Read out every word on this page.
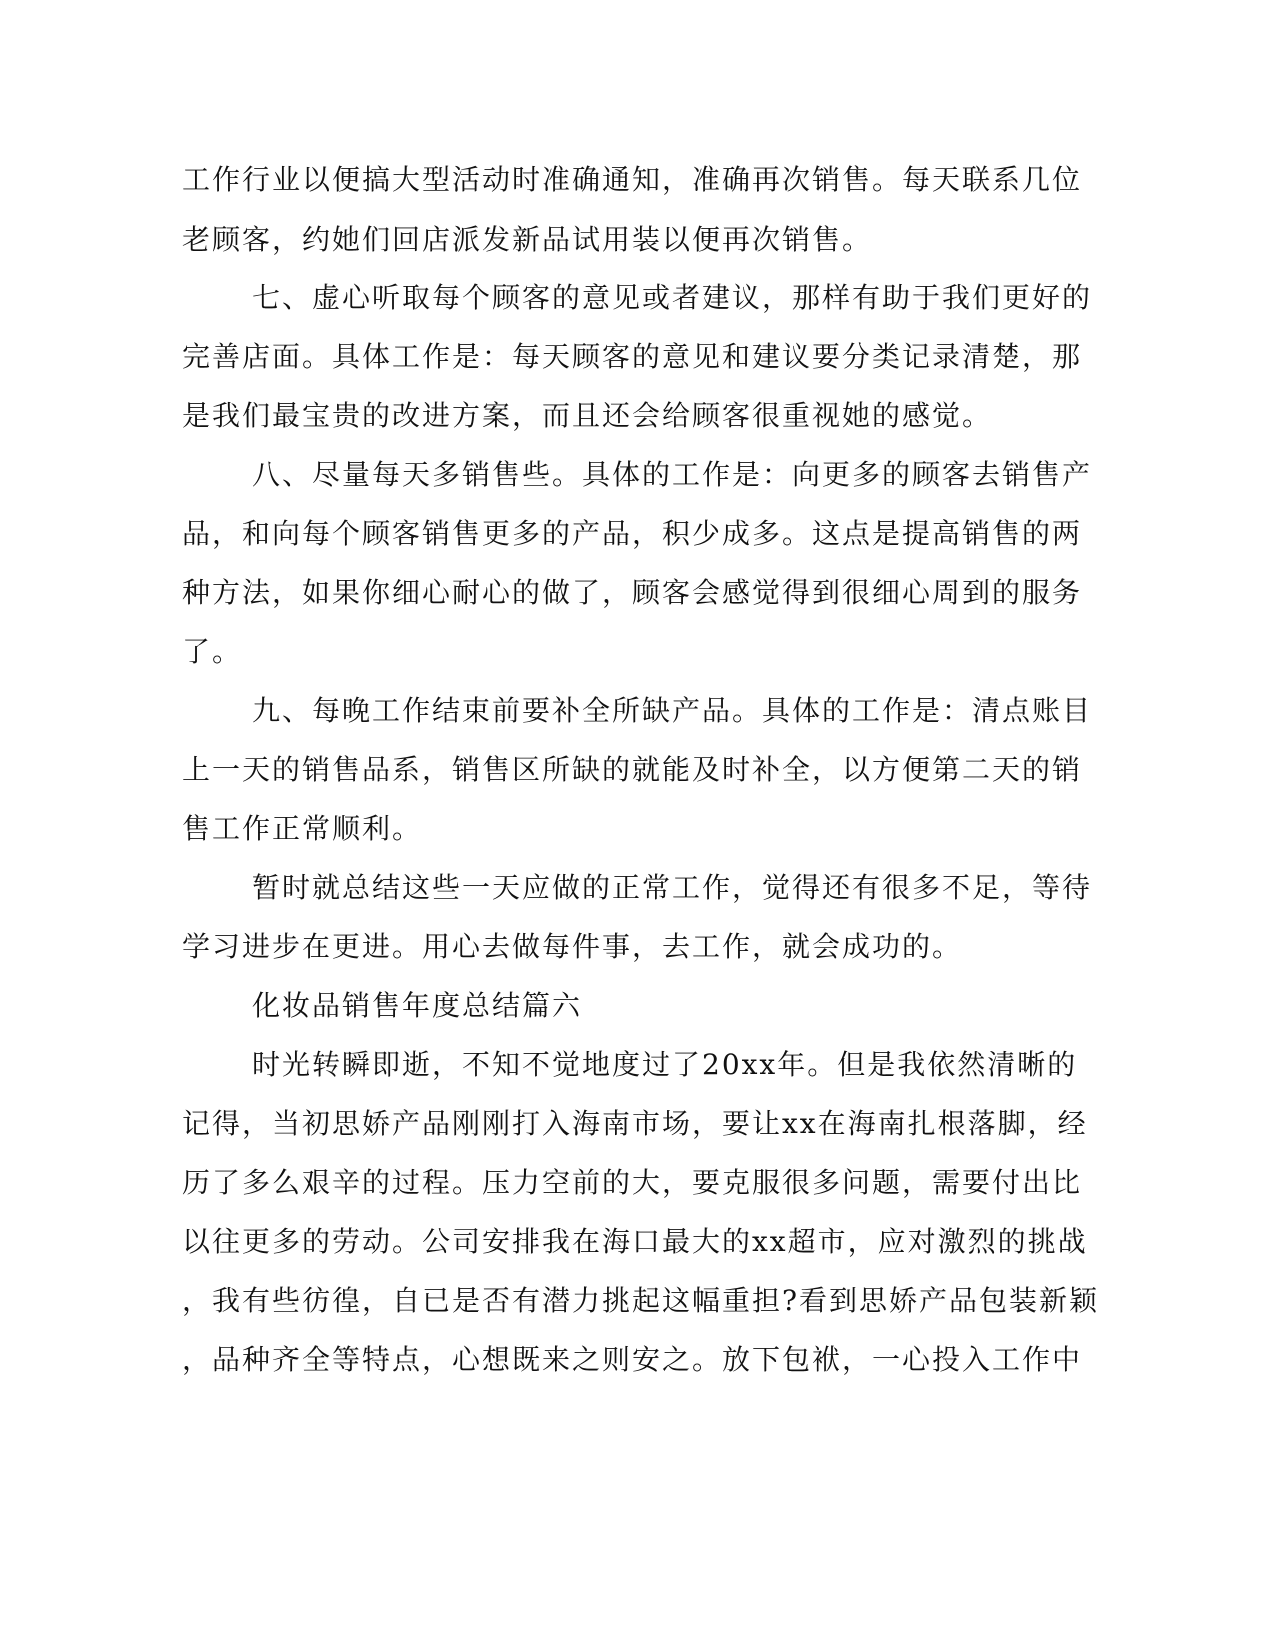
工作行业以便搞大型活动时准确通知，准确再次销售。每天联系几位
老顾客，约她们回店派发新品试用装以便再次销售。
七、虚心听取每个顾客的意见或者建议，那样有助于我们更好的
完善店面。具体工作是：每天顾客的意见和建议要分类记录清楚，那
是我们最宝贵的改进方案，而且还会给顾客很重视她的感觉。
八、尽量每天多销售些。具体的工作是：向更多的顾客去销售产
品，和向每个顾客销售更多的产品，积少成多。这点是提高销售的两
种方法，如果你细心耐心的做了，顾客会感觉得到很细心周到的服务
了。
九、每晚工作结束前要补全所缺产品。具体的工作是：清点账目
上一天的销售品系，销售区所缺的就能及时补全，以方便第二天的销
售工作正常顺利。
暂时就总结这些一天应做的正常工作，觉得还有很多不足，等待
学习进步在更进。用心去做每件事，去工作，就会成功的。
化妆品销售年度总结篇六
时光转瞬即逝，不知不觉地度过了20xx年。但是我依然清晰的
记得，当初思娇产品刚刚打入海南市场，要让xx在海南扎根落脚，经
历了多么艰辛的过程。压力空前的大，要克服很多问题，需要付出比
以往更多的劳动。公司安排我在海口最大的xx超市，应对激烈的挑战
，我有些彷徨，自已是否有潜力挑起这幅重担?看到思娇产品包装新颖
，品种齐全等特点，心想既来之则安之。放下包袱，一心投入工作中
